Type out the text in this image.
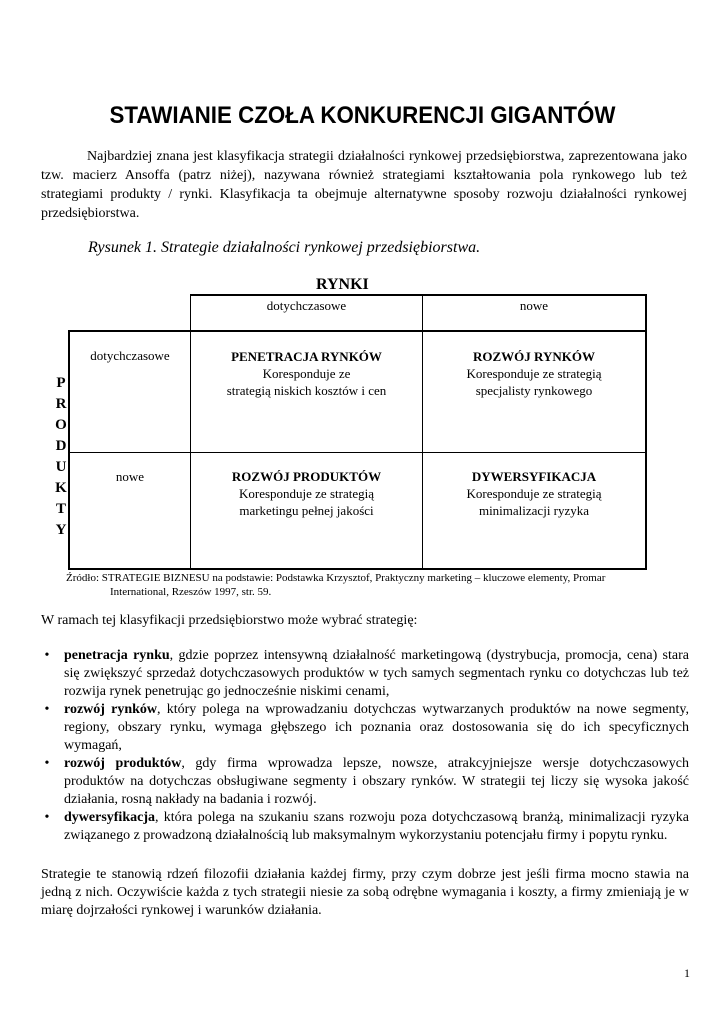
STAWIANIE CZOŁA KONKURENCJI GIGANTÓW

Najbardziej znana jest klasyfikacja strategii działalności rynkowej przedsiębiorstwa, zaprezentowana jako tzw. macierz Ansoffa (patrz niżej), nazywana również strategiami kształtowania pola rynkowego lub też strategiami produkty / rynki. Klasyfikacja ta obejmuje alternatywne sposoby rozwoju działalności rynkowej przedsiębiorstwa.

Rysunek 1. Strategie działalności rynkowej przedsiębiorstwa.
RYNKI
dotychczasowe	nowe
dotychczasowe
nowe
PENETRACJA RYNKÓW
Koresponduje ze
strategią niskich kosztów i cen
ROZWÓJ RYNKÓW
Koresponduje ze strategią
specjalisty rynkowego
ROZWÓJ PRODUKTÓW
Koresponduje ze strategią
marketingu pełnej jakości
DYWERSYFIKACJA
Koresponduje ze strategią
minimalizacji ryzyka
P
R
O
D
U
K
T
Y
Źródło: STRATEGIE BIZNESU na podstawie: Podstawka Krzysztof, Praktyczny marketing – kluczowe elementy, Promar
International, Rzeszów 1997, str. 59.
W ramach tej klasyfikacji przedsiębiorstwo może wybrać strategię:
• penetracja rynku, gdzie poprzez intensywną działalność marketingową (dystrybucja, promocja, cena) stara się zwiększyć sprzedaż dotychczasowych produktów w tych samych segmentach rynku co dotychczas lub też rozwija rynek penetrując go jednocześnie niskimi cenami,
• rozwój rynków, który polega na wprowadzaniu dotychczas wytwarzanych produktów na nowe segmenty, regiony, obszary rynku, wymaga głębszego ich poznania oraz dostosowania się do ich specyficznych wymagań,
• rozwój produktów, gdy firma wprowadza lepsze, nowsze, atrakcyjniejsze wersje dotychczasowych produktów na dotychczas obsługiwane segmenty i obszary rynków. W strategii tej liczy się wysoka jakość działania, rosną nakłady na badania i rozwój.
• dywersyfikacja, która polega na szukaniu szans rozwoju poza dotychczasową branżą, minimalizacji ryzyka związanego z prowadzoną działalnością lub maksymalnym wykorzystaniu potencjału firmy i popytu rynku.

Strategie te stanowią rdzeń filozofii działania każdej firmy, przy czym dobrze jest jeśli firma mocno stawia na jedną z nich. Oczywiście każda z tych strategii niesie za sobą odrębne wymagania i koszty, a firmy zmieniają je w miarę dojrzałości rynkowej i warunków działania.

1
